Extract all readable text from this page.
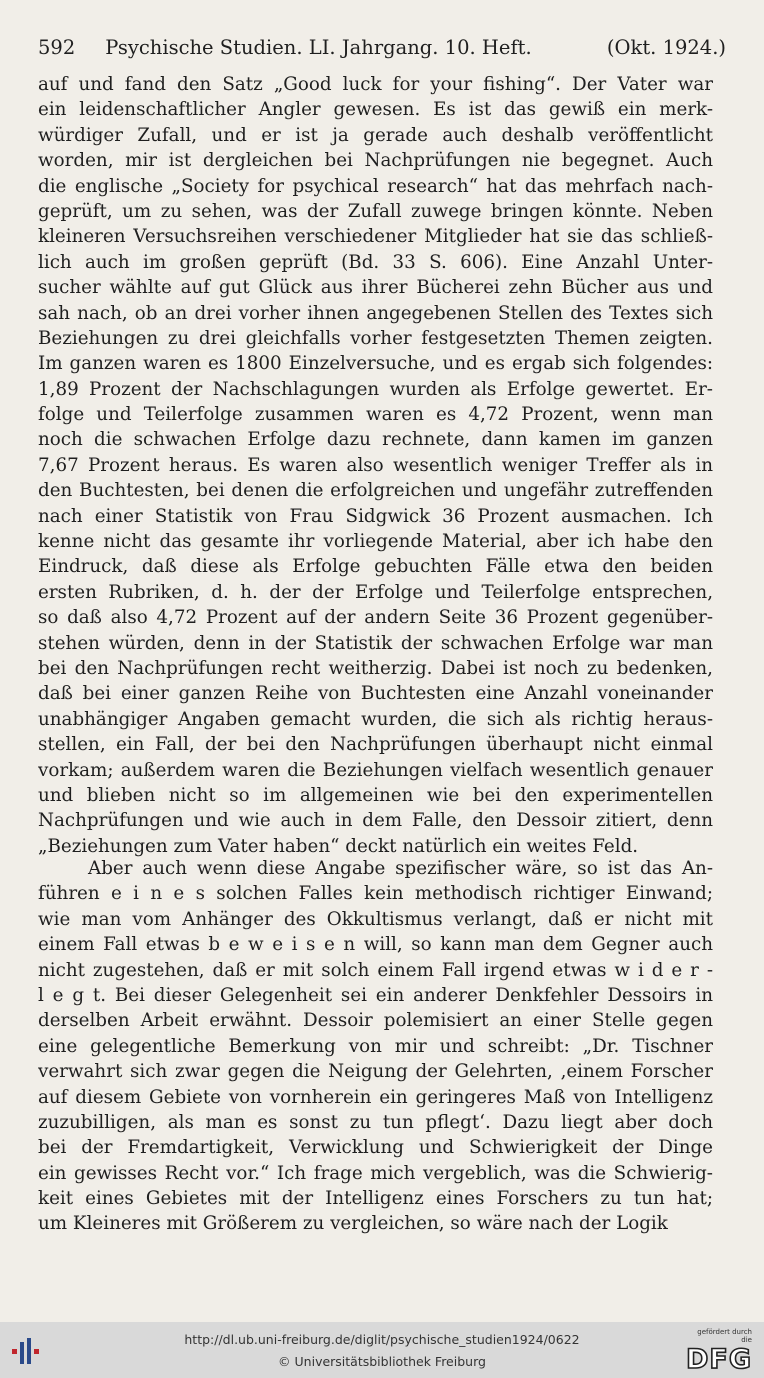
592 Psychische Studien. LI. Jahrgang. 10. Heft.	(Okt. 1924.)
auf und fand den Satz „Good luck for your fishing“. Der Vater war
ein leidenschaftlicher Angler gewesen. Es ist das gewiß ein merk-
würdiger Zufall, und er ist ja gerade auch deshalb veröffentlicht
worden, mir ist dergleichen bei Nachprüfungen nie begegnet. Auch
die englische „Society for psychical research“ hat das mehrfach nach-
geprüft, um zu sehen, was der Zufall zuwege bringen könnte. Neben
kleineren Versuchsreihen verschiedener Mitglieder hat sie das schließ-
lich auch im großen geprüft (Bd. 33 S. 606). Eine Anzahl Unter-
sucher wählte auf gut Glück aus ihrer Bücherei zehn Bücher aus und
sah nach, ob an drei vorher ihnen angegebenen Stellen des Textes sich
Beziehungen zu drei gleichfalls vorher festgesetzten Themen zeigten.
Im ganzen waren es 1800 Einzelversuche, und es ergab sich folgendes:
1,89 Prozent der Nachschlagungen wurden als Erfolge gewertet. Er-
folge und Teilerfolge zusammen waren es 4,72 Prozent, wenn man
noch die schwachen Erfolge dazu rechnete, dann kamen im ganzen
7,67 Prozent heraus. Es waren also wesentlich weniger Treffer als in
den Buchtesten, bei denen die erfolgreichen und ungefähr zutreffenden
nach einer Statistik von Frau Sidgwick 36 Prozent ausmachen. Ich
kenne nicht das gesamte ihr vorliegende Material, aber ich habe den
Eindruck, daß diese als Erfolge gebuchten Fälle etwa den beiden
ersten Rubriken, d. h. der der Erfolge und Teilerfolge entsprechen,
so daß also 4,72 Prozent auf der andern Seite 36 Prozent gegenüber-
stehen würden, denn in der Statistik der schwachen Erfolge war man
bei den Nachprüfungen recht weitherzig. Dabei ist noch zu bedenken,
daß bei einer ganzen Reihe von Buchtesten eine Anzahl voneinander
unabhängiger Angaben gemacht wurden, die sich als richtig heraus-
stellen, ein Fall, der bei den Nachprüfungen überhaupt nicht einmal
vorkam; außerdem waren die Beziehungen vielfach wesentlich genauer
und blieben nicht so im allgemeinen wie bei den experimentellen
Nachprüfungen und wie auch in dem Falle, den Dessoir zitiert, denn
„Beziehungen zum Vater haben“ deckt natürlich ein weites Feld.
Aber auch wenn diese Angabe spezifischer wäre, so ist das An-
führen e i n e s solchen Falles kein methodisch richtiger Einwand;
wie man vom Anhänger des Okkultismus verlangt, daß er nicht mit
einem Fall etwas b e w e i s e n will, so kann man dem Gegner auch
nicht zugestehen, daß er mit solch einem Fall irgend etwas w i d e r -
l e g t. Bei dieser Gelegenheit sei ein anderer Denkfehler Dessoirs in
derselben Arbeit erwähnt. Dessoir polemisiert an einer Stelle gegen
eine gelegentliche Bemerkung von mir und schreibt: „Dr. Tischner
verwahrt sich zwar gegen die Neigung der Gelehrten, ‚einem Forscher
auf diesem Gebiete von vornherein ein geringeres Maß von Intelligenz
zuzubilligen, als man es sonst zu tun pflegt‘. Dazu liegt aber doch
bei der Fremdartigkeit, Verwicklung und Schwierigkeit der Dinge
ein gewisses Recht vor.“ Ich frage mich vergeblich, was die Schwierig-
keit eines Gebietes mit der Intelligenz eines Forschers zu tun hat;
um Kleineres mit Größerem zu vergleichen, so wäre nach der Logik
http://dl.ub.uni-freiburg.de/diglit/psychische_studien1924/0622
© Universitätsbibliothek Freiburg
gefördert durch die
DFG
